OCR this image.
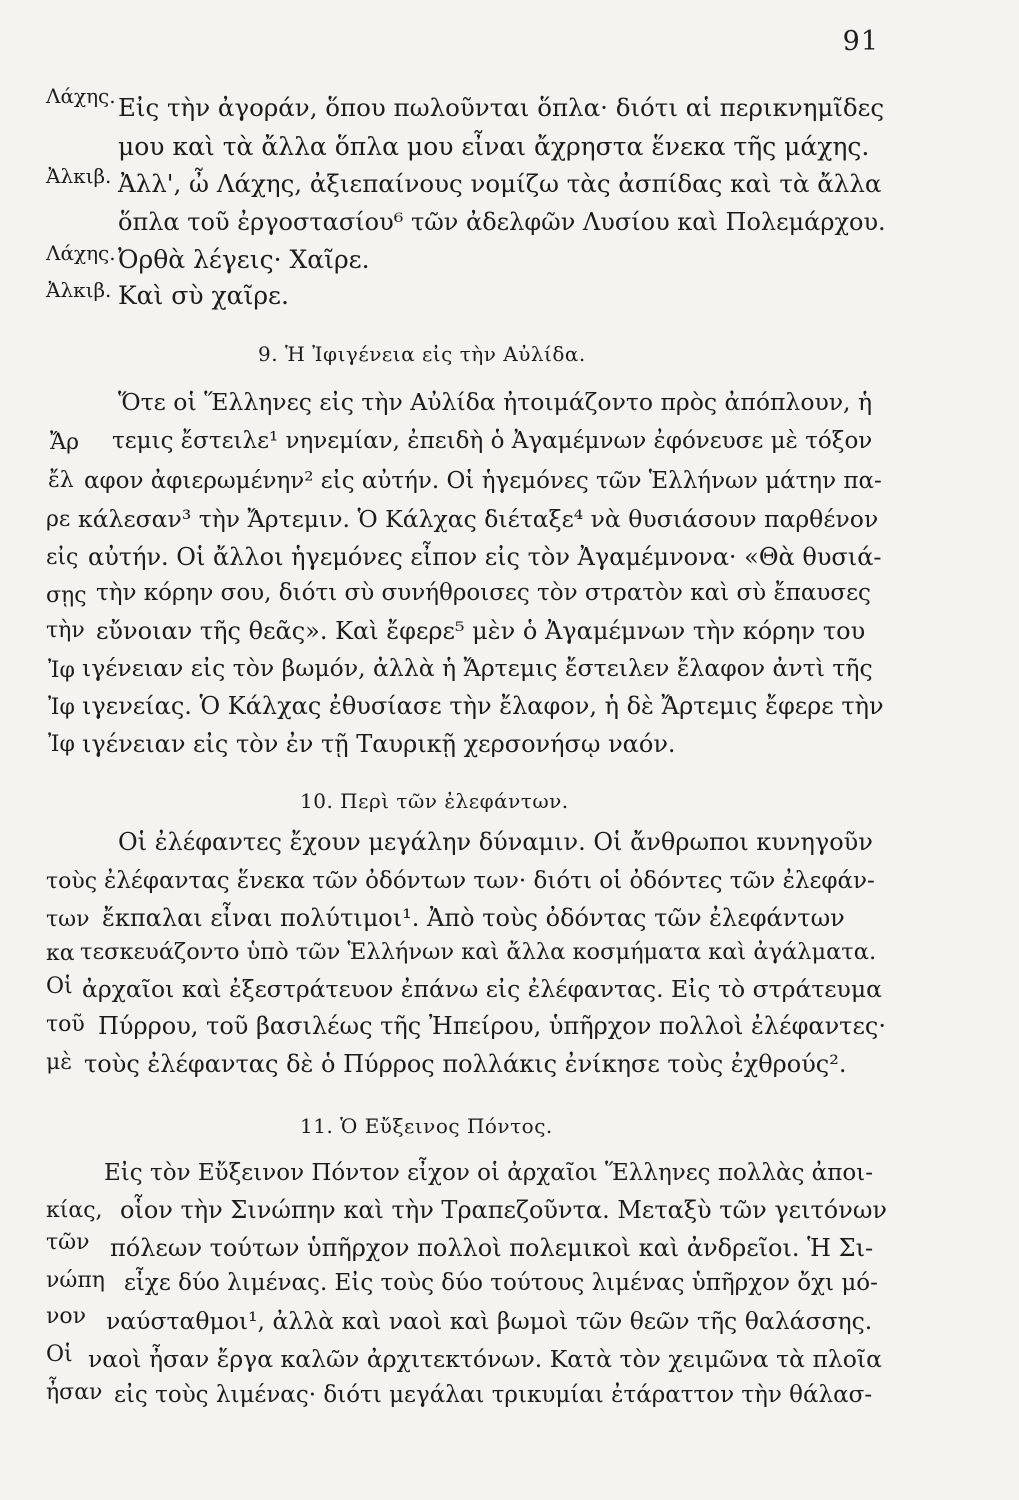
91
Λάχης. Εἰς τὴν ἀγοράν, ὅπου πωλοῦνται ὅπλα· διότι αἱ περικνημῖδες
μου καὶ τὰ ἄλλα ὅπλα μου εἶναι ἄχρηστα ἕνεκα τῆς μάχης.
Ἀλκιβ. Ἀλλ', ὦ Λάχης, ἀξιεπαίνους νομίζω τὰς ἀσπίδας καὶ τὰ ἄλλα
ὅπλα τοῦ ἐργοστασίου⁶ τῶν ἀδελφῶν Λυσίου καὶ Πολεμάρχου.
Λάχης. Ὀρθὰ λέγεις· Χαῖρε.
Ἀλκιβ. Καὶ σὺ χαῖρε.
9. Ἡ Ἰφιγένεια εἰς τὴν Αὐλίδα.
Ὅτε οἱ Ἕλληνες εἰς τὴν Αὐλίδα ἠτοιμάζοντο πρὸς ἀπόπλουν, ἡ
Ἄρ τεμις ἔστειλε¹ νηνεμίαν, ἐπειδὴ ὁ Ἀγαμέμνων ἐφόνευσε μὲ τόξον
ἔλ αφον ἀφιερωμένην² εἰς αὐτήν. Οἱ ἡγεμόνες τῶν Ἑλλήνων μάτην πα-
ρε κάλεσαν³ τὴν Ἄρτεμιν. Ὁ Κάλχας διέταξε⁴ νὰ θυσιάσουν παρθένον
εἰς αὐτήν. Οἱ ἄλλοι ἡγεμόνες εἶπον εἰς τὸν Ἀγαμέμνονα· «Θὰ θυσιά-
σῃς τὴν κόρην σου, διότι σὺ συνήθροισες τὸν στρατὸν καὶ σὺ ἔπαυσες
τὴν εὔνοιαν τῆς θεᾶς». Καὶ ἔφερε⁵ μὲν ὁ Ἀγαμέμνων τὴν κόρην του
Ἰφ ιγένειαν εἰς τὸν βωμόν, ἀλλὰ ἡ Ἄρτεμις ἔστειλεν ἔλαφον ἀντὶ τῆς
Ἰφ ιγενείας. Ὁ Κάλχας ἐθυσίασε τὴν ἔλαφον, ἡ δὲ Ἄρτεμις ἔφερε τὴν
Ἰφ ιγένειαν εἰς τὸν ἐν τῇ Ταυρικῇ χερσονήσῳ ναόν.
10. Περὶ τῶν ἐλεφάντων.
Οἱ ἐλέφαντες ἔχουν μεγάλην δύναμιν. Οἱ ἄνθρωποι κυνηγοῦν
τοὺς ἐλέφαντας ἕνεκα τῶν ὀδόντων των· διότι οἱ ὀδόντες τῶν ἐλεφάν-
των ἔκπαλαι εἶναι πολύτιμοι¹. Ἀπὸ τοὺς ὀδόντας τῶν ἐλεφάντων
κα τεσκευάζοντο ὑπὸ τῶν Ἑλλήνων καὶ ἄλλα κοσμήματα καὶ ἀγάλματα.
Οἱ ἀρχαῖοι καὶ ἐξεστράτευον ἐπάνω εἰς ἐλέφαντας. Εἰς τὸ στράτευμα
τοῦ Πύρρου, τοῦ βασιλέως τῆς Ἠπείρου, ὑπῆρχον πολλοὶ ἐλέφαντες·
μὲ τοὺς ἐλέφαντας δὲ ὁ Πύρρος πολλάκις ἐνίκησε τοὺς ἐχθρούς².
11. Ὁ Εὔξεινος Πόντος.
Εἰς τὸν Εὔξεινον Πόντον εἶχον οἱ ἀρχαῖοι Ἕλληνες πολλὰς ἀποι-
κίας, οἷον τὴν Σινώπην καὶ τὴν Τραπεζοῦντα. Μεταξὺ τῶν γειτόνων
τῶν πόλεων τούτων ὑπῆρχον πολλοὶ πολεμικοὶ καὶ ἀνδρεῖοι. Ἡ Σι-
νώπη εἶχε δύο λιμένας. Εἰς τοὺς δύο τούτους λιμένας ὑπῆρχον ὄχι μό-
νον ναύσταθμοι¹, ἀλλὰ καὶ ναοὶ καὶ βωμοὶ τῶν θεῶν τῆς θαλάσσης.
Οἱ ναοὶ ἦσαν ἔργα καλῶν ἀρχιτεκτόνων. Κατὰ τὸν χειμῶνα τὰ πλοῖα
ἦσαν εἰς τοὺς λιμένας· διότι μεγάλαι τρικυμίαι ἐτάραττον τὴν θάλασ-
